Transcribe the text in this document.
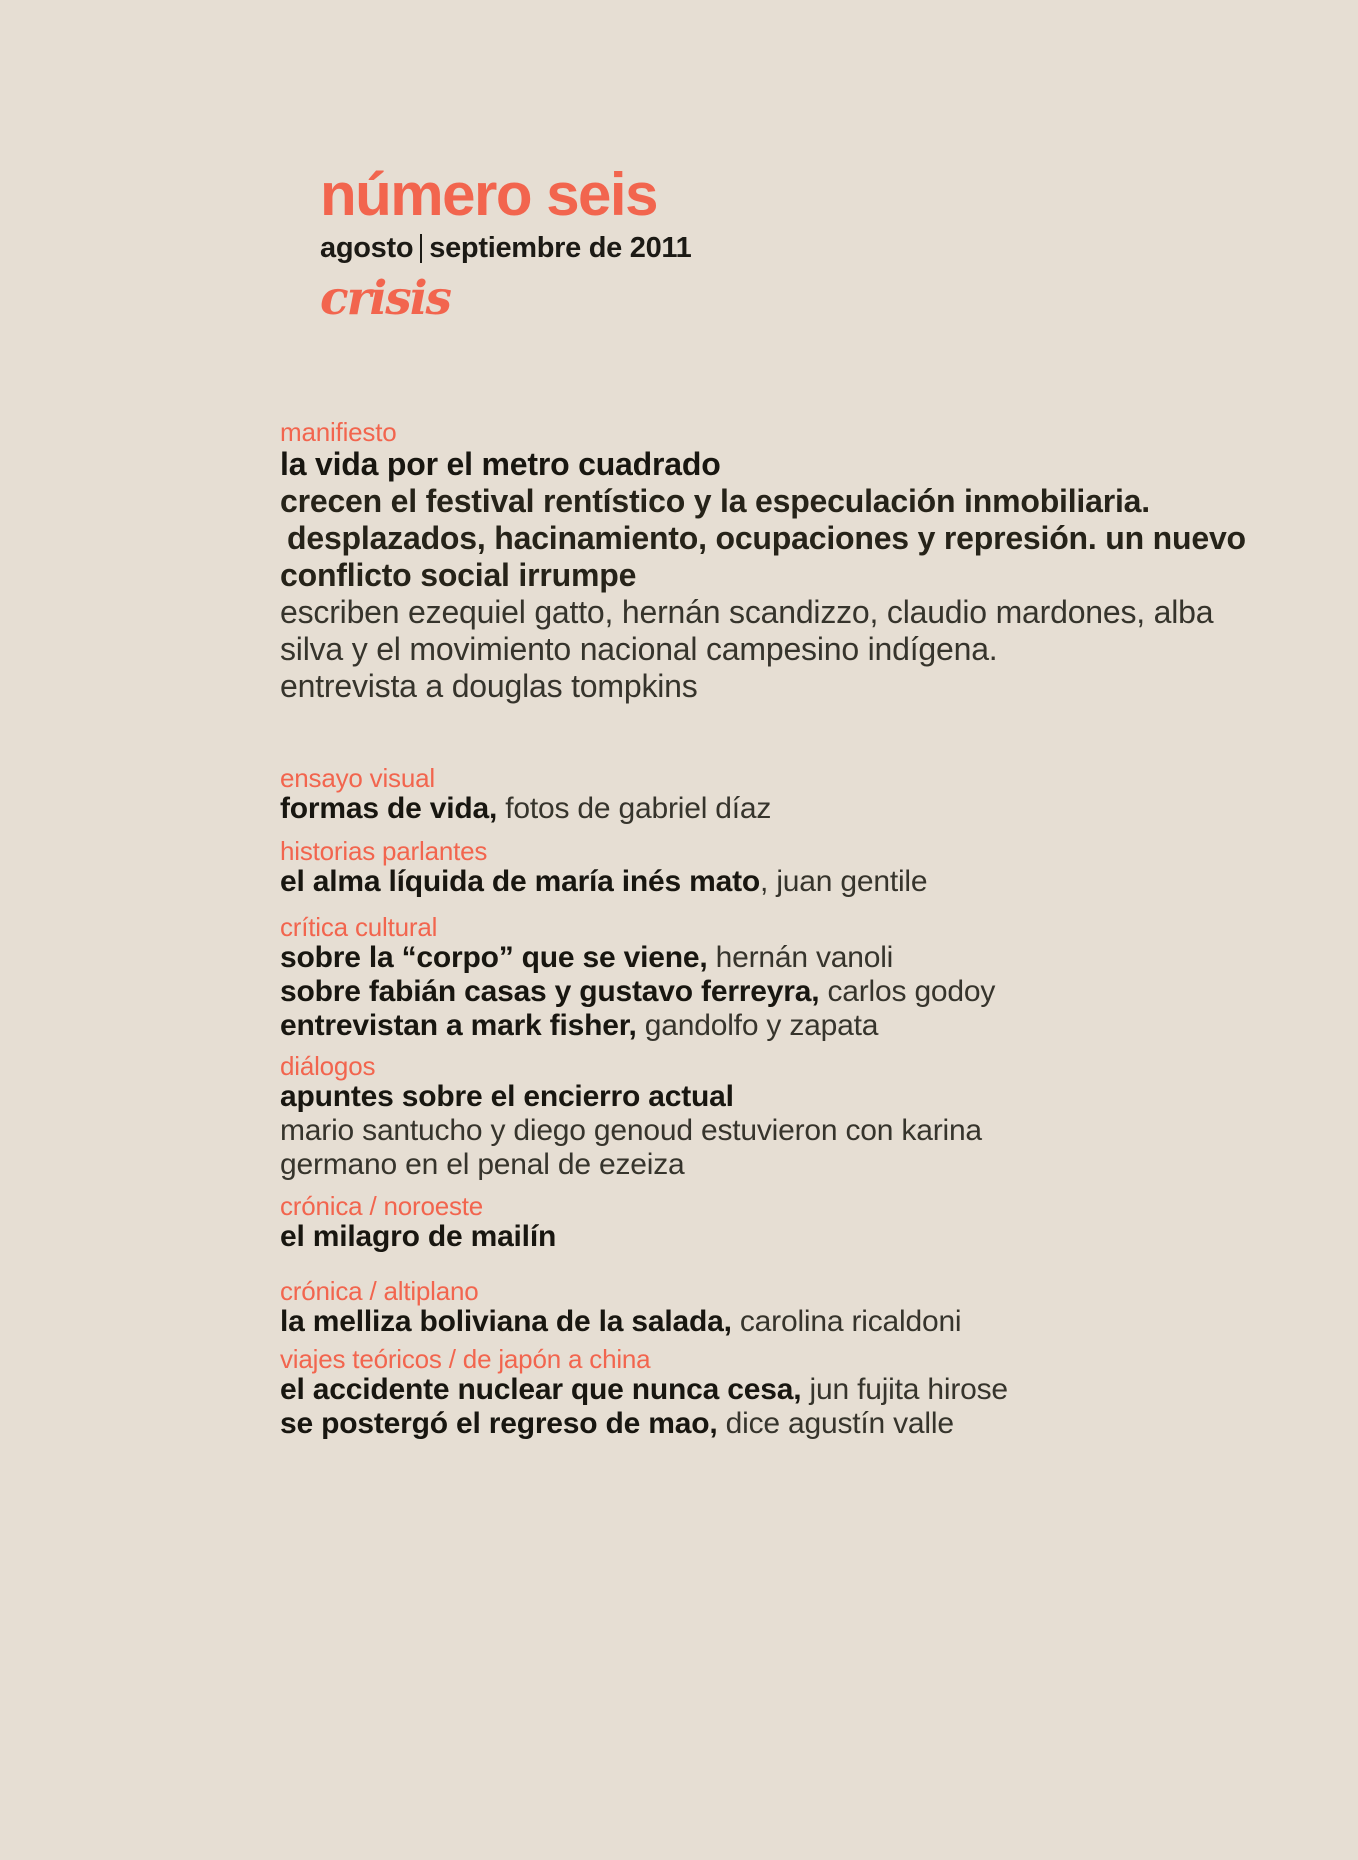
número seis
agosto septiembre de 2011
crisis
manifiesto

la vida por el metro cuadrado

crecen el festival rentístico y la especulación inmobiliaria.

desplazados, hacinamiento, ocupaciones y represión. un nuevo

conflicto social irrumpe

escriben ezequiel gatto, hernán scandizzo, claudio mardones, alba

silva y el movimiento nacional campesino indígena.

entrevista a douglas tompkins

ensayo visual

formas de vida, fotos de gabriel díaz

historias parlantes

el alma líquida de maría inés mato, juan gentile

crítica cultural

sobre la “corpo” que se viene, hernán vanoli

sobre fabián casas y gustavo ferreyra, carlos godoy

entrevistan a mark fisher, gandolfo y zapata

diálogos

apuntes sobre el encierro actual

mario santucho y diego genoud estuvieron con karina

germano en el penal de ezeiza

crónica / noroeste

el milagro de mailín

crónica / altiplano

la melliza boliviana de la salada, carolina ricaldoni

viajes teóricos / de japón a china

el accidente nuclear que nunca cesa, jun fujita hirose

se postergó el regreso de mao, dice agustín valle
